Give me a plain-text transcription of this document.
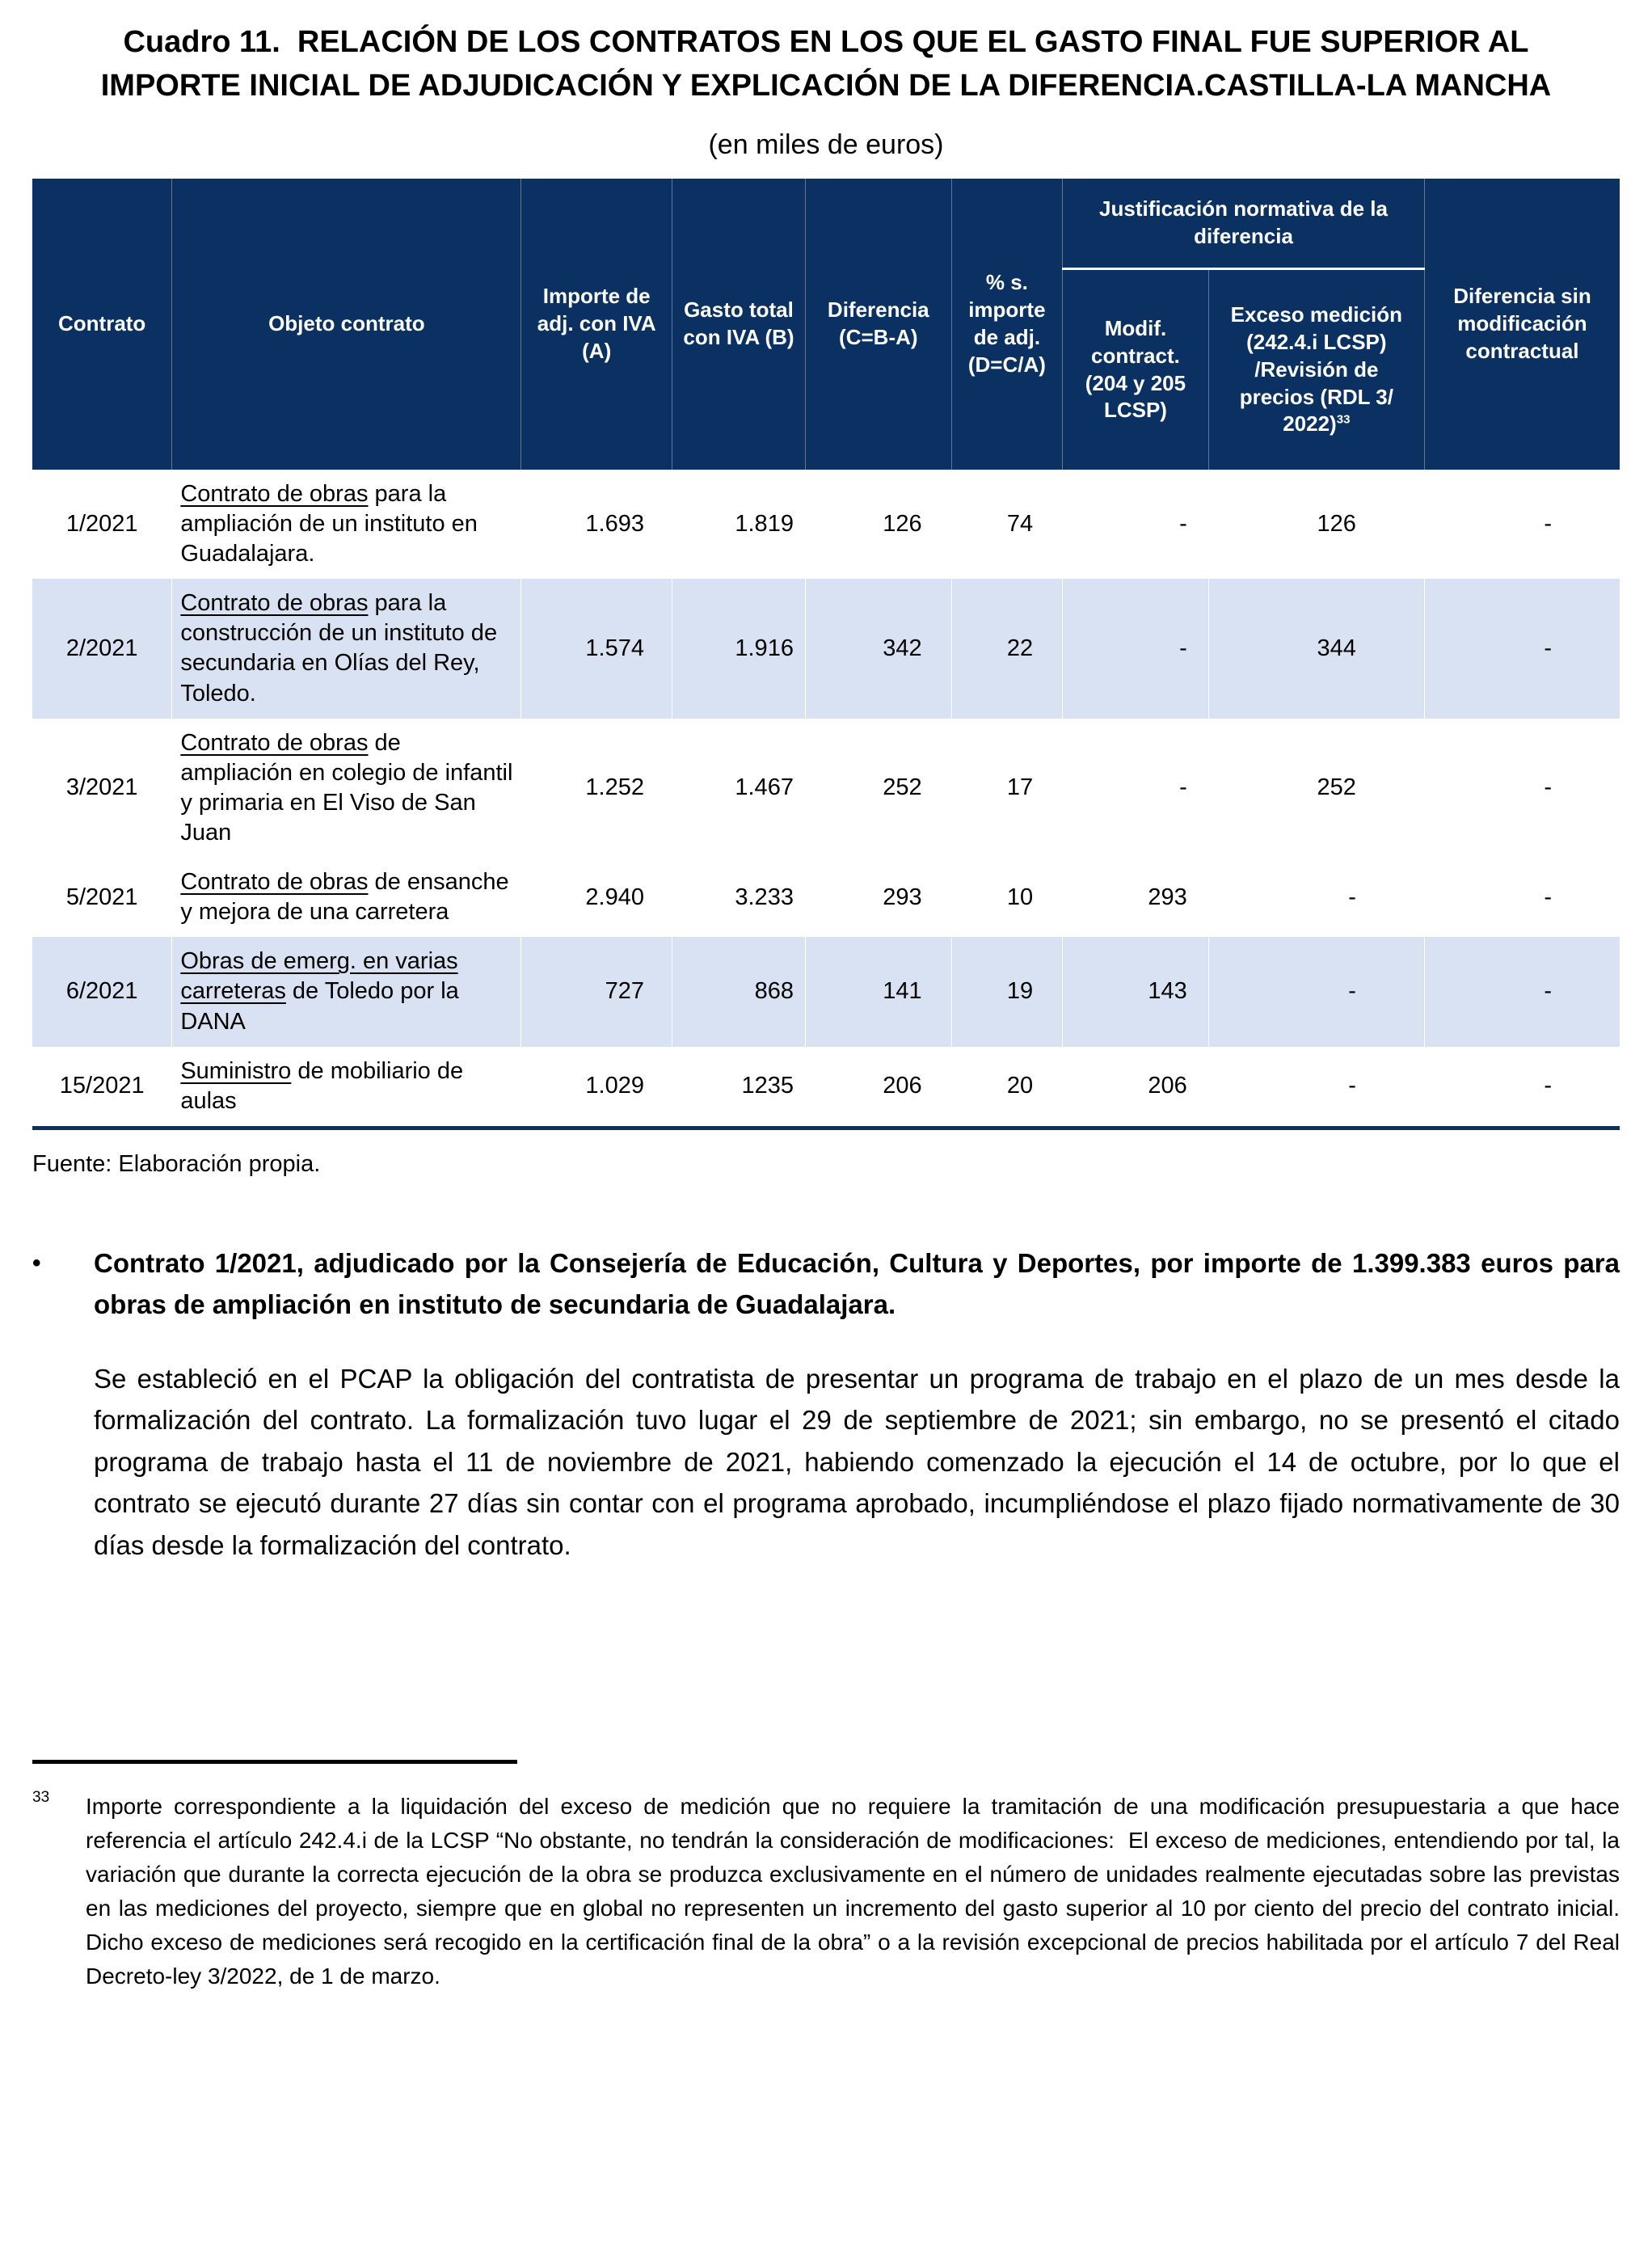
Cuadro 11.  RELACIÓN DE LOS CONTRATOS EN LOS QUE EL GASTO FINAL FUE SUPERIOR AL IMPORTE INICIAL DE ADJUDICACIÓN Y EXPLICACIÓN DE LA DIFERENCIA.CASTILLA-LA MANCHA
(en miles de euros)
Contrato	Objeto contrato	Importe de adj. con IVA (A)	Gasto total con IVA (B)	Diferencia (C=B-A)	% s. importe de adj. (D=C/A)	Justificación normativa de la diferencia		Diferencia sin modificación contractual
						Modif. contract. (204 y 205 LCSP)	Exceso medición (242.4.i LCSP) /Revisión de precios (RDL 3/ 2022)$^{33}$
1/2021	Contrato de obras para la ampliación de un instituto en Guadalajara.	1.693	1.819	126	74	-	126	-
2/2021	Contrato de obras para la construcción de un instituto de secundaria en Olías del Rey, Toledo.	1.574	1.916	342	22	-	344	-
3/2021	Contrato de obras de ampliación en colegio de infantil y primaria en El Viso de San Juan	1.252	1.467	252	17	-	252	-
5/2021	Contrato de obras de ensanche y mejora de una carretera	2.940	3.233	293	10	293	-	-
6/2021	Obras de emerg. en varias carreteras de Toledo por la DANA	727	868	141	19	143	-	-
15/2021	Suministro de mobiliario de aulas	1.029	1235	206	20	206	-	-
Fuente: Elaboración propia.
•	Contrato 1/2021, adjudicado por la Consejería de Educación, Cultura y Deportes, por importe de 1.399.383 euros para obras de ampliación en instituto de secundaria de Guadalajara.

Se estableció en el PCAP la obligación del contratista de presentar un programa de trabajo en el plazo de un mes desde la formalización del contrato. La formalización tuvo lugar el 29 de septiembre de 2021; sin embargo, no se presentó el citado programa de trabajo hasta el 11 de noviembre de 2021, habiendo comenzado la ejecución el 14 de octubre, por lo que el contrato se ejecutó durante 27 días sin contar con el programa aprobado, incumpliéndose el plazo fijado normativamente de 30 días desde la formalización del contrato.

33 Importe correspondiente a la liquidación del exceso de medición que no requiere la tramitación de una modificación presupuestaria a que hace referencia el artículo 242.4.i de la LCSP “No obstante, no tendrán la consideración de modificaciones:  El exceso de mediciones, entendiendo por tal, la variación que durante la correcta ejecución de la obra se produzca exclusivamente en el número de unidades realmente ejecutadas sobre las previstas en las mediciones del proyecto, siempre que en global no representen un incremento del gasto superior al 10 por ciento del precio del contrato inicial. Dicho exceso de mediciones será recogido en la certificación final de la obra” o a la revisión excepcional de precios habilitada por el artículo 7 del Real Decreto-ley 3/2022, de 1 de marzo.
